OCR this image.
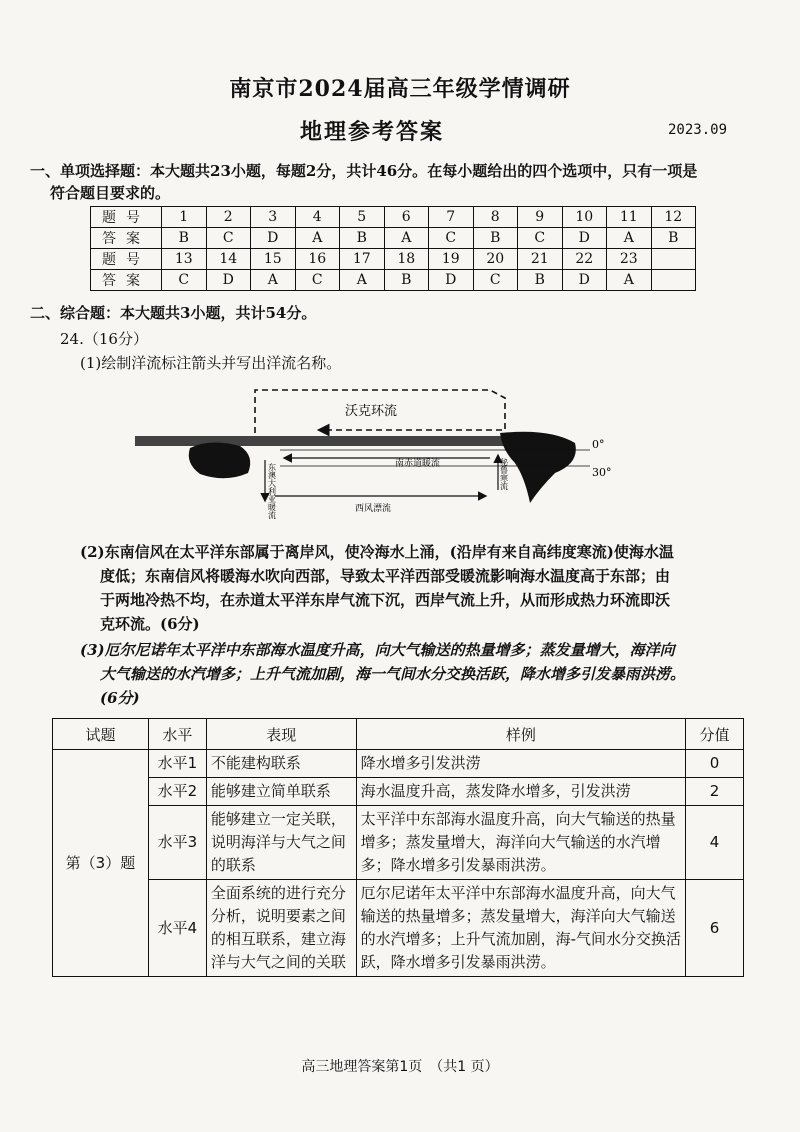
南京市2024届高三年级学情调研
地理参考答案	2023.09
一、单项选择题：本大题共23小题，每题2分，共计46分。在每小题给出的四个选项中，只有一项是
符合题目要求的。
题号	1	2	3	4	5	6	7	8	9	10	11	12
答案	B	C	D	A	B	A	C	B	C	D	A	B
题号	13	14	15	16	17	18	19	20	21	22	23	
答案	C	D	A	C	A	B	D	C	B	D	A	
二、综合题：本大题共3小题，共计54分。
24.（16分）
(1)绘制洋流标注箭头并写出洋流名称。
沃克环流
0°
30°
南赤道暖流
东澳大利亚暖流	西风漂流
秘鲁寒流
(2)东南信风在太平洋东部属于离岸风，使冷海水上涌，(沿岸有来自高纬度寒流)使海水温
度低；东南信风将暖海水吹向西部，导致太平洋西部受暖流影响海水温度高于东部；由
于两地冷热不均，在赤道太平洋东岸气流下沉，西岸气流上升，从而形成热力环流即沃
克环流。(6分)
(3)厄尔尼诺年太平洋中东部海水温度升高，向大气输送的热量增多；蒸发量增大，海洋向
大气输送的水汽增多；上升气流加剧，海一气间水分交换活跃，降水增多引发暴雨洪涝。
(6分)
试题	水平	表现	样例	分值
第（3）题	水平1	不能建构联系	降水增多引发洪涝	0
	水平2	能够建立简单联系	海水温度升高，蒸发降水增多，引发洪涝	2
	水平3	能够建立一定关联，说明海洋与大气之间的联系	太平洋中东部海水温度升高，向大气输送的热量增多；蒸发量增大，海洋向大气输送的水汽增多；降水增多引发暴雨洪涝。	4
	水平4	全面系统的进行充分分析，说明要素之间的相互联系，建立海洋与大气之间的关联	厄尔尼诺年太平洋中东部海水温度升高，向大气输送的热量增多；蒸发量增大，海洋向大气输送的水汽增多；上升气流加剧，海-气间水分交换活跃，降水增多引发暴雨洪涝。	6
高三地理答案第1页　（共1 页）
